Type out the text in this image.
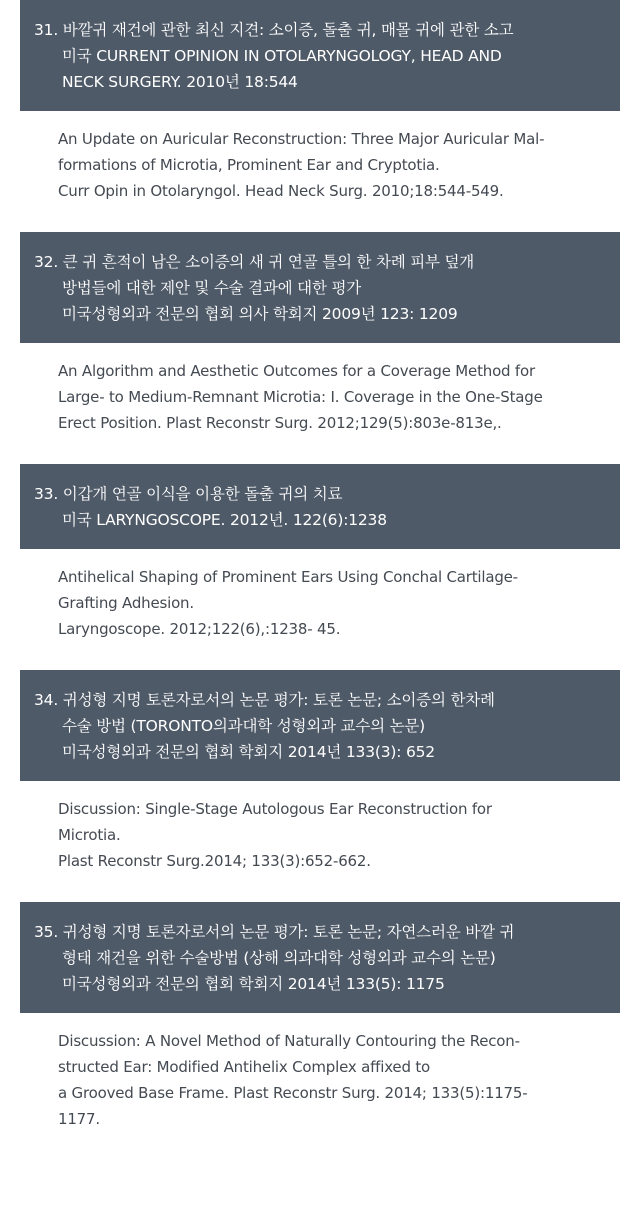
31. 바깥귀 재건에 관한 최신 지견: 소이증, 돌출 귀, 매몰 귀에 관한 소고
미국 CURRENT OPINION IN OTOLARYNGOLOGY, HEAD AND
NECK SURGERY. 2010년 18:544
An Update on Auricular Reconstruction: Three Major Auricular Mal-
formations of Microtia, Prominent Ear and Cryptotia.
Curr Opin in Otolaryngol. Head Neck Surg. 2010;18:544-549.
32. 큰 귀 흔적이 남은 소이증의 새 귀 연골 틀의 한 차례 피부 덮개
방법들에 대한 제안 및 수술 결과에 대한 평가
미국성형외과 전문의 협회 의사 학회지 2009년 123: 1209
An Algorithm and Aesthetic Outcomes for a Coverage Method for
Large- to Medium-Remnant Microtia: I. Coverage in the One-Stage
Erect Position. Plast Reconstr Surg. 2012;129(5):803e-813e,.
33. 이갑개 연골 이식을 이용한 돌출 귀의 치료
미국 LARYNGOSCOPE. 2012년. 122(6):1238
Antihelical Shaping of Prominent Ears Using Conchal Cartilage-
Grafting Adhesion.
Laryngoscope. 2012;122(6),:1238- 45.
34. 귀성형 지명 토론자로서의 논문 평가: 토론 논문; 소이증의 한차례
수술 방법 (TORONTO의과대학 성형외과 교수의 논문)
미국성형외과 전문의 협회 학회지 2014년 133(3): 652
Discussion: Single-Stage Autologous Ear Reconstruction for
Microtia.
Plast Reconstr Surg.2014; 133(3):652-662.
35. 귀성형 지명 토론자로서의 논문 평가: 토론 논문; 자연스러운 바깥 귀
형태 재건을 위한 수술방법 (상해 의과대학 성형외과 교수의 논문)
미국성형외과 전문의 협회 학회지 2014년 133(5): 1175
Discussion: A Novel Method of Naturally Contouring the Recon-
structed Ear: Modified Antihelix Complex affixed to
a Grooved Base Frame. Plast Reconstr Surg. 2014; 133(5):1175-
1177.
